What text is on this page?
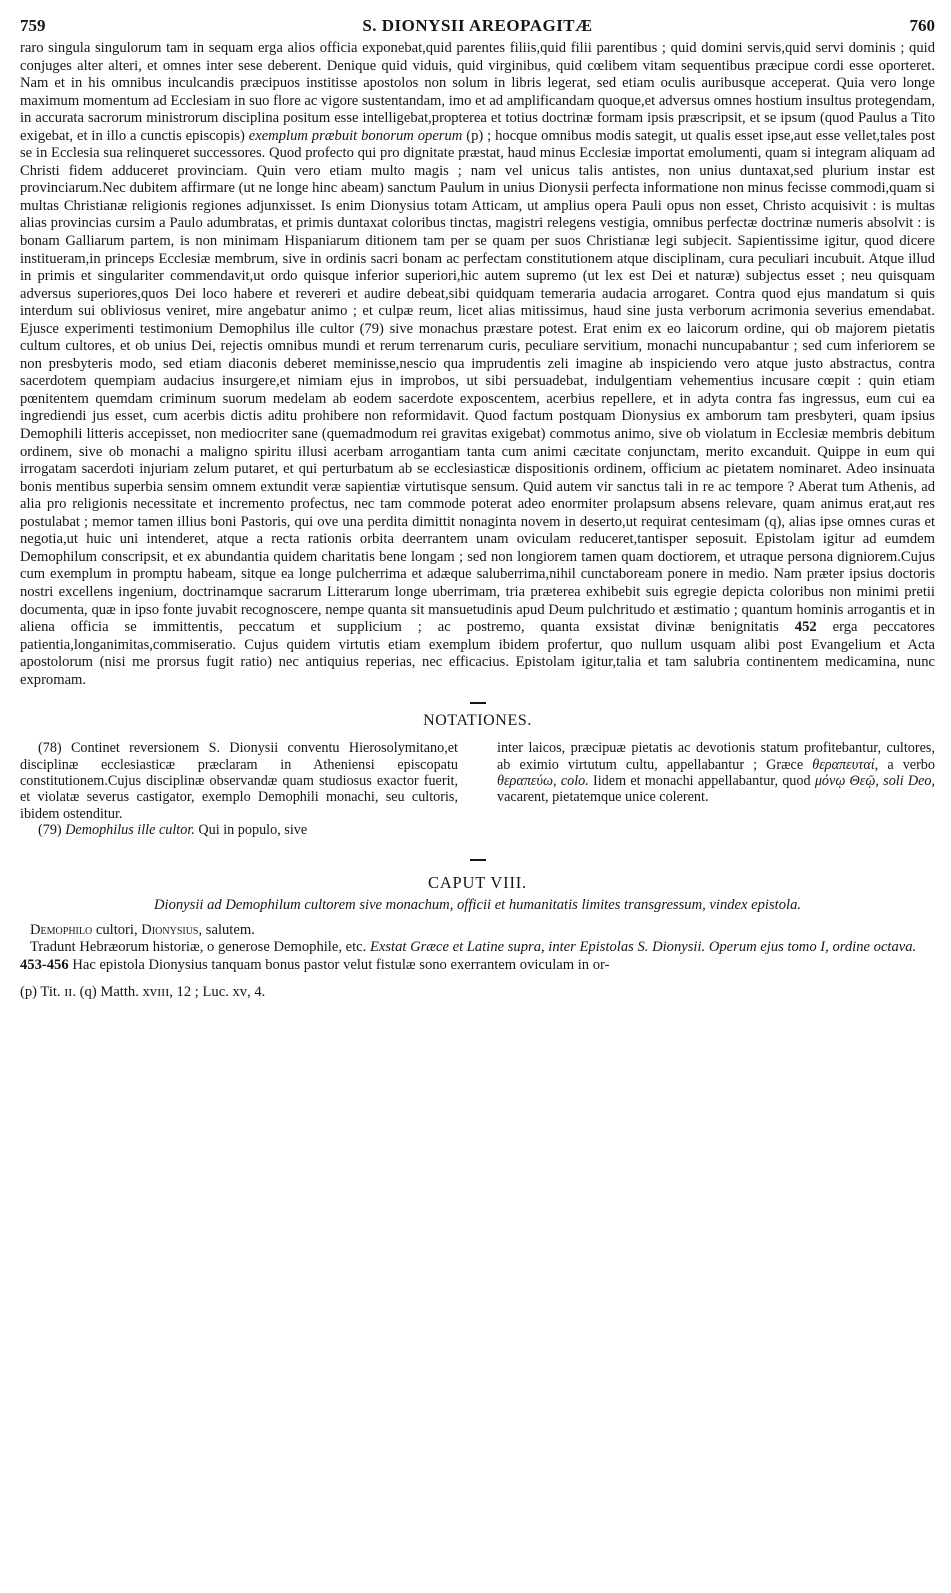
759	S. DIONYSII AREOPAGITÆ	760

raro singula singulorum tam in sequam erga alios officia exponebat,quid parentes filiis,quid filii parentibus ; quid domini servis,quid servi dominis ; quid conjuges alter alteri, et omnes inter sese deberent. Denique quid viduis, quid virginibus, quid cœlibem vitam sequentibus præcipue cordi esse oporteret. Nam et in his omnibus inculcandis præcipuos institisse apostolos non solum in libris legerat, sed etiam oculis auribusque acceperat. Quia vero longe maximum momentum ad Ecclesiam in suo flore ac vigore sustentandam, imo et ad amplificandam quoque,et adversus omnes hostium insultus protegendam, in accurata sacrorum ministrorum disciplina positum esse intelligebat,propterea et totius doctrinæ formam ipsis præscripsit, et se ipsum (quod Paulus a Tito exigebat, et in illo a cunctis episcopis) exemplum præbuit bonorum operum (p) ; hocque omnibus modis sategit, ut qualis esset ipse,aut esse vellet,tales post se in Ecclesia sua relinqueret successores. Quod profecto qui pro dignitate præstat, haud minus Ecclesiæ importat emolumenti, quam si integram aliquam ad Christi fidem adduceret provinciam. Quin vero etiam multo magis ; nam vel unicus talis antistes, non unius duntaxat,sed plurium instar est provinciarum.Nec dubitem affirmare (ut ne longe hinc abeam) sanctum Paulum in unius Dionysii perfecta informatione non minus fecisse commodi,quam si multas Christianæ religionis regiones adjunxisset. Is enim Dionysius totam Atticam, ut amplius opera Pauli opus non esset, Christo acquisivit : is multas alias provincias cursim a Paulo adumbratas, et primis duntaxat coloribus tinctas, magistri relegens vestigia, omnibus perfectæ doctrinæ numeris absolvit : is bonam Galliarum partem, is non minimam Hispaniarum ditionem tam per se quam per suos Christianæ legi subjecit. Sapientissime igitur, quod dicere institueram,in princeps Ecclesiæ membrum, sive in ordinis sacri bonam ac perfectam constitutionem atque disciplinam, cura peculiari incubuit. Atque illud in primis et singulariter commendavit,ut ordo quisque inferior superiori,hic autem supremo (ut lex est Dei et naturæ) subjectus esset ; neu quisquam adversus superiores,quos Dei loco habere et revereri et audire debeat,sibi quidquam temeraria audacia arrogaret. Contra quod ejus mandatum si quis interdum sui obliviosus veniret, mire angebatur animo ; et culpæ reum, licet alias mitissimus, haud sine justa verborum acrimonia severius emendabat. Ejusce experimenti testimonium Demophilus ille cultor (79) sive monachus præstare potest. Erat enim ex eo laicorum ordine, qui ob majorem pietatis cultum cultores, et ob unius Dei, rejectis omnibus mundi et rerum terrenarum curis, peculiare servitium, monachi nuncupabantur ; sed cum inferiorem se non presbyteris modo, sed etiam diaconis deberet meminisse,nescio qua imprudentis zeli imagine ab inspiciendo vero atque justo abstractus, contra sacerdotem quempiam audacius insurgere,et nimiam ejus in improbos, ut sibi persuadebat, indulgentiam vehementius incusare cœpit : quin etiam pœnitentem quemdam criminum suorum medelam ab eodem sacerdote exposcentem, acerbius repellere, et in adyta contra fas ingressus, eum cui ea ingrediendi jus esset, cum acerbis dictis aditu prohibere non reformidavit. Quod factum postquam Dionysius ex amborum tam presbyteri, quam ipsius Demophili litteris accepisset, non mediocriter sane (quemadmodum rei gravitas exigebat) commotus animo, sive ob violatum in Ecclesiæ membris debitum ordinem, sive ob monachi a maligno spiritu illusi acerbam arrogantiam tanta cum animi cæcitate conjunctam, merito excanduit. Quippe in eum qui irrogatam sacerdoti injuriam zelum putaret, et qui perturbatum ab se ecclesiasticæ dispositionis ordinem, officium ac pietatem nominaret. Adeo insinuata bonis mentibus superbia sensim omnem extundit veræ sapientiæ virtutisque sensum. Quid autem vir sanctus tali in re ac tempore ? Aberat tum Athenis, ad alia pro religionis necessitate et incremento profectus, nec tam commode poterat adeo enormiter prolapsum absens relevare, quam animus erat,aut res postulabat ; memor tamen illius boni Pastoris, qui ove una perdita dimittit nonaginta novem in deserto,ut requirat centesimam (q), alias ipse omnes curas et negotia,ut huic uni intenderet, atque a recta rationis orbita deerrantem unam oviculam reduceret,tantisper seposuit. Epistolam igitur ad eumdem Demophilum conscripsit, et ex abundantia quidem charitatis bene longam ; sed non longiorem tamen quam doctiorem, et utraque persona digniorem.Cujus cum exemplum in promptu habeam, sitque ea longe pulcherrima et adæque saluberrima,nihil cunctaboream ponere in medio. Nam præter ipsius doctoris nostri excellens ingenium, doctrinamque sacrarum Litterarum longe uberrimam, tria præterea exhibebit suis egregie depicta coloribus non minimi pretii documenta, quæ in ipso fonte juvabit recognoscere, nempe quanta sit mansuetudinis apud Deum pulchritudo et æstimatio ; quantum hominis arrogantis et in aliena officia se immittentis, peccatum et supplicium ; ac postremo, quanta exsistat divinæ benignitatis 452 erga peccatores patientia,longanimitas,commiseratio. Cujus quidem virtutis etiam exemplum ibidem profertur, quo nullum usquam alibi post Evangelium et Acta apostolorum (nisi me prorsus fugit ratio) nec antiquius reperias, nec efficacius. Epistolam igitur,talia et tam salubria continentem medicamina, nunc expromam.

NOTATIONES.

(78) Continet reversionem S. Dionysii conventu Hierosolymitano,et disciplinæ ecclesiasticæ præclaram in Atheniensi episcopatu constitutionem.Cujus disciplinæ observandæ quam studiosus exactor fuerit, et violatæ severus castigator, exemplo Demophili monachi, seu cultoris, ibidem ostenditur.

(79) Demophilus ille cultor. Qui in populo, sive

inter laicos, præcipuæ pietatis ac devotionis statum profitebantur, cultores, ab eximio virtutum cultu, appellabantur ; Græce θεραπευταί, a verbo θεραπεύω, colo. Iidem et monachi appellabantur, quod μόνῳ Θεῷ, soli Deo, vacarent, pietatemque unice colerent.

CAPUT VIII.
Dionysii ad Demophilum cultorem sive monachum, officii et humanitatis limites transgressum, vindex epistola.

Demophilo cultori, Dionysius, salutem.

Tradunt Hebræorum historiæ, o generose Demophile, etc. Exstat Græce et Latine supra, inter Epistolas S. Dionysii. Operum ejus tomo I, ordine octava.

453-456 Hac epistola Dionysius tanquam bonus pastor velut fistulæ sono exerrantem oviculam in or-

(p) Tit. ɪɪ. (q) Matth. xᴠɪɪɪ, 12 ; Luc. xᴠ, 4.
